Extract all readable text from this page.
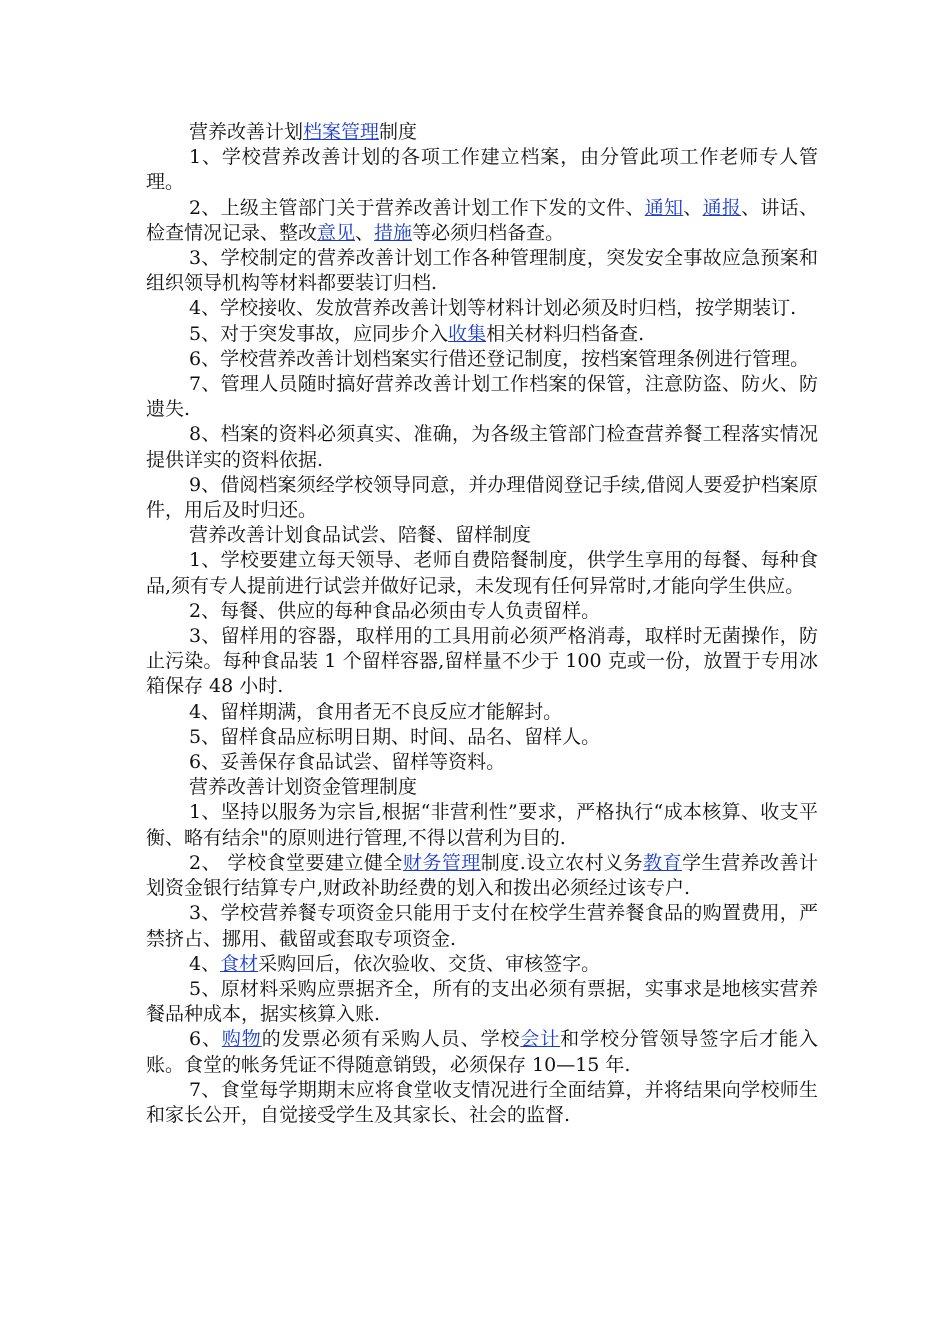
营养改善计划档案管理制度

1、学校营养改善计划的各项工作建立档案，由分管此项工作老师专人管理。

2、上级主管部门关于营养改善计划工作下发的文件、通知、通报、讲话、检查情况记录、整改意见、措施等必须归档备查。

3、学校制定的营养改善计划工作各种管理制度，突发安全事故应急预案和组织领导机构等材料都要装订归档.

4、学校接收、发放营养改善计划等材料计划必须及时归档，按学期装订.

5、对于突发事故，应同步介入收集相关材料归档备查.

6、学校营养改善计划档案实行借还登记制度，按档案管理条例进行管理。

7、管理人员随时搞好营养改善计划工作档案的保管，注意防盗、防火、防遗失.

8、档案的资料必须真实、准确，为各级主管部门检查营养餐工程落实情况提供详实的资料依据.

9、借阅档案须经学校领导同意，并办理借阅登记手续,借阅人要爱护档案原件，用后及时归还。

营养改善计划食品试尝、陪餐、留样制度

1、学校要建立每天领导、老师自费陪餐制度，供学生享用的每餐、每种食品,须有专人提前进行试尝并做好记录，未发现有任何异常时,才能向学生供应。

2、每餐、供应的每种食品必须由专人负责留样。

3、留样用的容器，取样用的工具用前必须严格消毒，取样时无菌操作，防止污染。每种食品装 1 个留样容器,留样量不少于 100 克或一份，放置于专用冰箱保存 48 小时.

4、留样期满，食用者无不良反应才能解封。

5、留样食品应标明日期、时间、品名、留样人。

6、妥善保存食品试尝、留样等资料。

营养改善计划资金管理制度

1、坚持以服务为宗旨,根据“非营利性”要求，严格执行“成本核算、收支平衡、略有结余"的原则进行管理,不得以营利为目的.

2、 学校食堂要建立健全财务管理制度.设立农村义务教育学生营养改善计划资金银行结算专户,财政补助经费的划入和拨出必须经过该专户.

3、学校营养餐专项资金只能用于支付在校学生营养餐食品的购置费用，严禁挤占、挪用、截留或套取专项资金.

4、食材采购回后，依次验收、交货、审核签字。

5、原材料采购应票据齐全，所有的支出必须有票据，实事求是地核实营养餐品种成本，据实核算入账.

6、购物的发票必须有采购人员、学校会计和学校分管领导签字后才能入账。食堂的帐务凭证不得随意销毁，必须保存 10—15 年.

7、食堂每学期期末应将食堂收支情况进行全面结算，并将结果向学校师生和家长公开，自觉接受学生及其家长、社会的监督.
